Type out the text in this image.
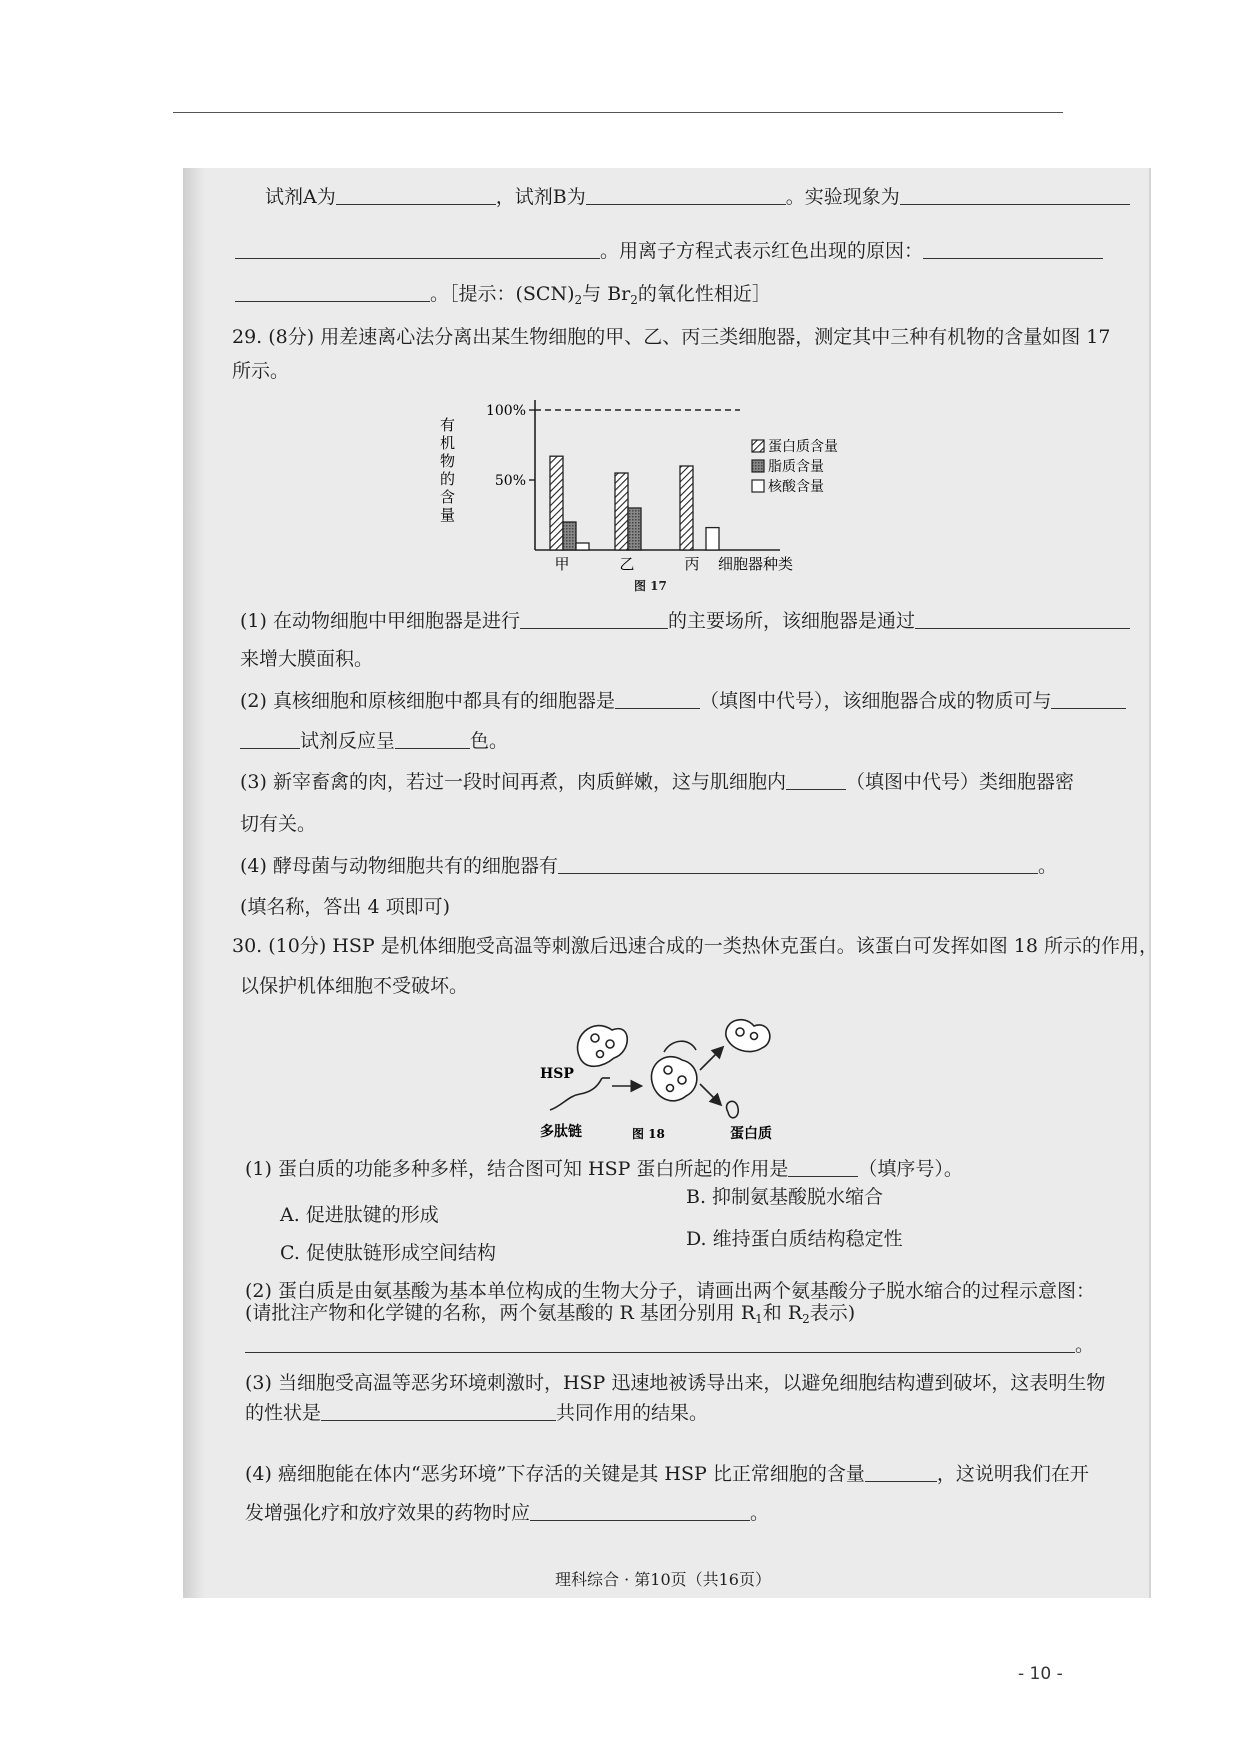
试剂A为	，试剂B为	。实验现象为
。用离子方程式表示红色出现的原因：
。［提示：$(SCN)_2$与 $Br_2$的氧化性相近］
29. (8分) 用差速离心法分离出某生物细胞的甲、乙、丙三类细胞器，测定其中三种有机物的含量如图 17
所示。
甲	乙	丙
100%
50%
有
机
物
的
含
量
细胞器种类
蛋白质含量
脂质含量
核酸含量
图 17
(1) 在动物细胞中甲细胞器是进行	的主要场所，该细胞器是通过
来增大膜面积。
(2) 真核细胞和原核细胞中都具有的细胞器是	（填图中代号），该细胞器合成的物质可与
试剂反应呈	色。
(3) 新宰畜禽的肉，若过一段时间再煮，肉质鲜嫩，这与肌细胞内	（填图中代号）类细胞器密
切有关。
(4) 酵母菌与动物细胞共有的细胞器有	。
(填名称，答出 4 项即可)
30. (10分) HSP 是机体细胞受高温等刺激后迅速合成的一类热休克蛋白。该蛋白可发挥如图 18 所示的作用，
以保护机体细胞不受破坏。
HSP
多肽链	蛋白质
图 18
(1) 蛋白质的功能多种多样，结合图可知 HSP 蛋白所起的作用是	（填序号）。
A. 促进肽键的形成
B. 抑制氨基酸脱水缩合
C. 促使肽链形成空间结构
D. 维持蛋白质结构稳定性
(2) 蛋白质是由氨基酸为基本单位构成的生物大分子，请画出两个氨基酸分子脱水缩合的过程示意图：
(请批注产物和化学键的名称，两个氨基酸的 R 基团分别用 $R_1$和 $R_2$表示)
。
(3) 当细胞受高温等恶劣环境刺激时，HSP 迅速地被诱导出来，以避免细胞结构遭到破坏，这表明生物
的性状是	共同作用的结果。
(4) 癌细胞能在体内“恶劣环境”下存活的关键是其 HSP 比正常细胞的含量	，这说明我们在开
发增强化疗和放疗效果的药物时应	。
理科综合 · 第10页（共16页）
- 10 -
